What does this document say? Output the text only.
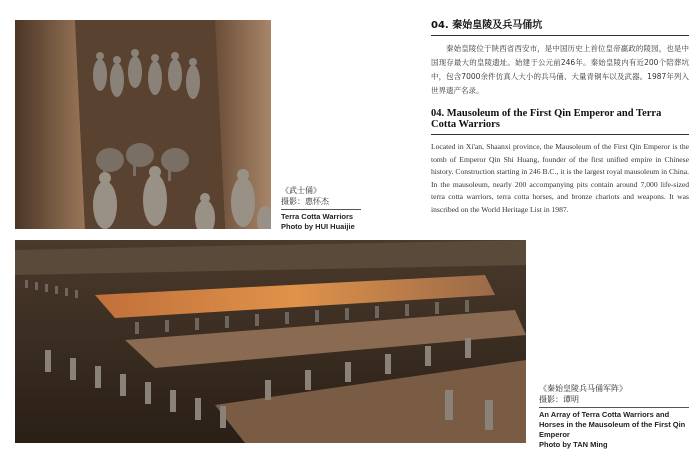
《武士俑》
摄影：惠怀杰
Terra Cotta Warriors
Photo by HUI Huaijie
04. 秦始皇陵及兵马俑坑
秦始皇陵位于陕西省西安市，是中国历史上首位皇帝嬴政的陵园，也是中国现存最大的皇陵遗址。始建于公元前246年。秦始皇陵内有近200个陪葬坑中，包含7000余件仿真人大小的兵马俑、大量青铜车以及武器。1987年列入世界遗产名录。
04. Mausoleum of the First Qin Emperor and Terra Cotta Warriors
Located in Xi'an, Shaanxi province, the Mausoleum of the First Qin Emperor is the tomb of Emperor Qin Shi Huang, founder of the first unified empire in Chinese history. Construction starting in 246 B.C., it is the largest royal mausoleum in China. In the mausoleum, nearly 200 accompanying pits contain around 7,000 life-sized terra cotta warriors, terra cotta horses, and bronze chariots and weapons. It was inscribed on the World Heritage List in 1987.
《秦始皇陵兵马俑军阵》
摄影：谭明
An Array of Terra Cotta Warriors and Horses in the Mausoleum of the First Qin Emperor
Photo by TAN Ming
